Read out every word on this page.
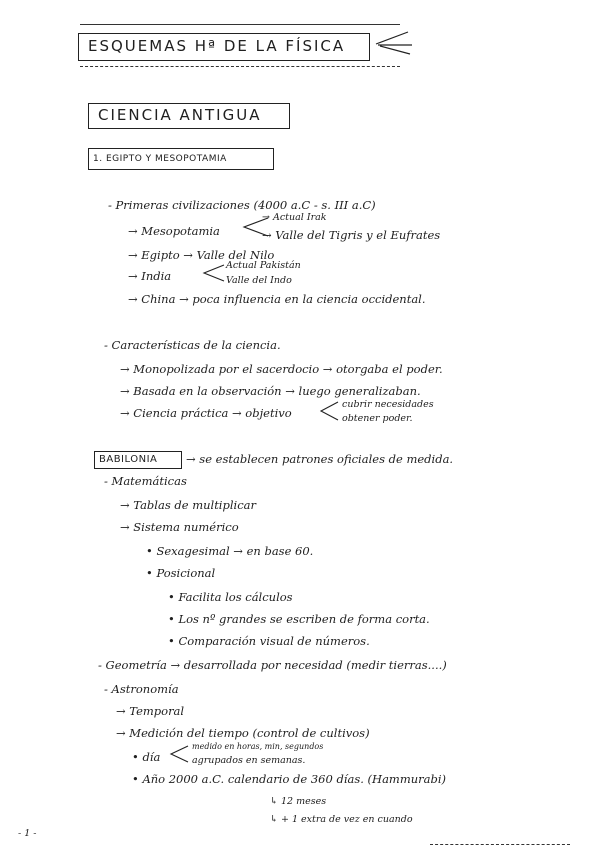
ESQUEMAS Hª DE LA FÍSICA
CIENCIA ANTIGUA
1. EGIPTO Y MESOPOTAMIA
- Primeras civilizaciones (4000 a.C - s. III a.C)
→ Mesopotamia
→ Actual Irak
→ Valle del Tigris y el Eufrates
→ Egipto → Valle del Nilo
→ India
Actual Pakistán
Valle del Indo
→ China → poca influencia en la ciencia occidental.
- Características de la ciencia.
→ Monopolizada por el sacerdocio → otorgaba el poder.
→ Basada en la observación → luego generalizaban.
→ Ciencia práctica → objetivo
cubrir necesidades
obtener poder.
BABILONIA → se establecen patrones oficiales de medida.
- Matemáticas
→ Tablas de multiplicar
→ Sistema numérico
• Sexagesimal → en base 60.
• Posicional
• Facilita los cálculos
• Los nº grandes se escriben de forma corta.
• Comparación visual de números.
- Geometría → desarrollada por necesidad (medir tierras....)
- Astronomía
→ Temporal
→ Medición del tiempo (control de cultivos)
• día
medido en horas, min, segundos
agrupados en semanas.
• Año 2000 a.C. calendario de 360 días. (Hammurabi)
↳ 12 meses
↳ + 1 extra de vez en cuando
- 1 -
